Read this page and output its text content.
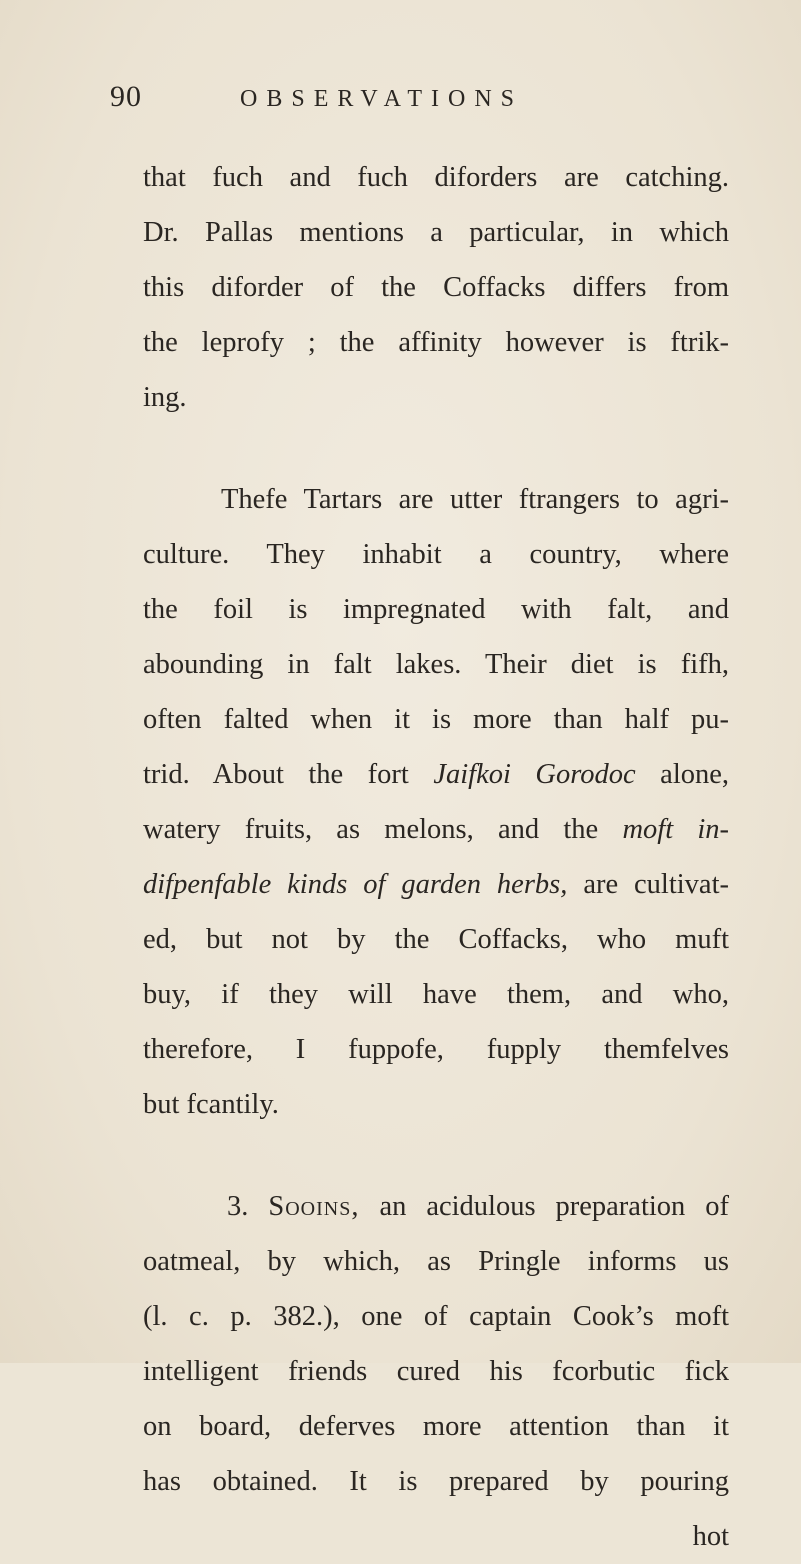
90	OBSERVATIONS
that fuch and fuch diforders are catching.
Dr. Pallas mentions a particular, in which
this diforder of the Coffacks differs from
the leprofy ; the affinity however is ftrik-
ing.
Thefe Tartars are utter ftrangers to agri-
culture. They inhabit a country, where
the foil is impregnated with falt, and
abounding in falt lakes. Their diet is fifh,
often falted when it is more than half pu-
trid. About the fort Jaifkoi Gorodoc alone,
watery fruits, as melons, and the moft in-
difpenfable kinds of garden herbs, are cultivat-
ed, but not by the Coffacks, who muft
buy, if they will have them, and who,
therefore, I fuppofe, fupply themfelves
but fcantily.
3. Sooins, an acidulous preparation of
oatmeal, by which, as Pringle informs us
(l. c. p. 382.), one of captain Cook’s moft
intelligent friends cured his fcorbutic fick
on board, deferves more attention than it
has obtained. It is prepared by pouring
hot
